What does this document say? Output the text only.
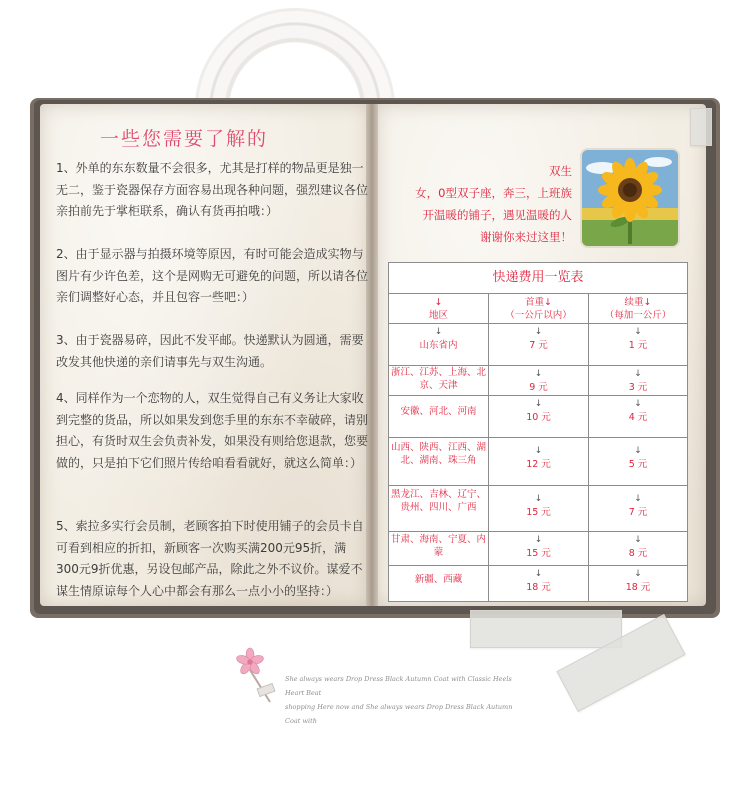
一些您需要了解的

1、外单的东东数量不会很多，尤其是打样的物品更是独一无二，鉴于瓷器保存方面容易出现各种问题，强烈建议各位亲拍前先于掌柜联系，确认有货再拍哦：）

2、由于显示器与拍摄环境等原因，有时可能会造成实物与图片有少许色差，这个是网购无可避免的问题，所以请各位亲们调整好心态，并且包容一些吧：）

3、由于瓷器易碎，因此不发平邮。快递默认为圆通，需要改发其他快递的亲们请事先与双生沟通。

4、同样作为一个恋物的人，双生觉得自己有义务让大家收到完整的货品，所以如果发到您手里的东东不幸破碎，请别担心，有货时双生会负责补发，如果没有则给您退款，您要做的，只是拍下它们照片传给咱看看就好，就这么简单：）

5、索拉多实行会员制，老顾客拍下时使用铺子的会员卡自可看到相应的折扣，新顾客一次购买满200元95折，满300元9折优惠，另设包邮产品，除此之外不议价。谋爱不谋生情原谅每个人心中都会有那么一点小小的坚持：）

双生
女，0型双子座，奔三，上班族
开温暖的铺子，遇见温暖的人
谢谢你来过这里！
快递费用一览表
↓
地区
首重↓
（一公斤以内）
续重↓
（每加一公斤）
↓
山东省内
↓
7 元
↓
1 元
浙江、江苏、上海、北京、天津
↓
9 元
↓
3 元
安徽、河北、河南
↓
10 元
↓
4 元
山西、陕西、江西、湖北、湖南、珠三角
↓
12 元
↓
5 元
黑龙江、吉林、辽宁、贵州、四川、广西
↓
15 元
↓
7 元
甘肃、海南、宁夏、内蒙
↓
15 元
↓
8 元
新疆、西藏	↓
18 元
↓
18 元
She always wears Drop Dress Black Autumn Coat with Classic Heels Heart Beat
shopping Here now and She always wears Drop Dress Black Autumn Coat with
